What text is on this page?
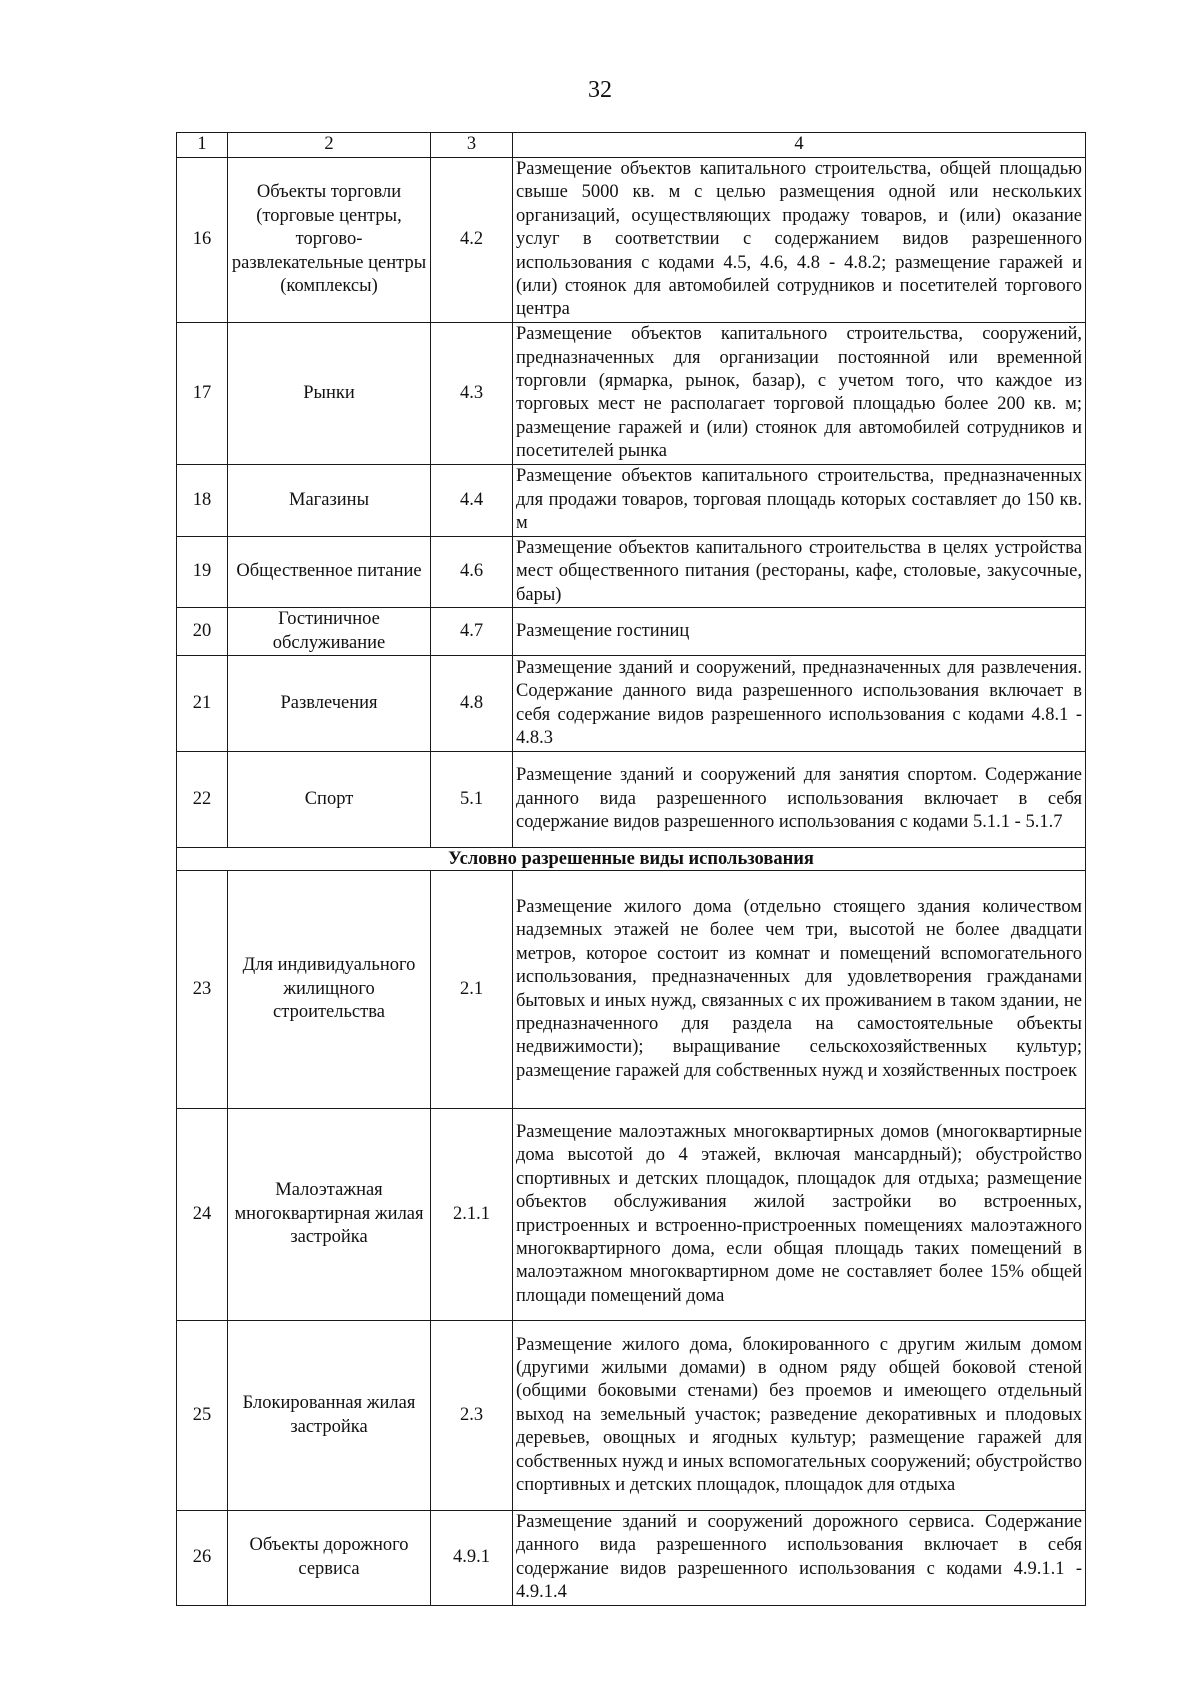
32
1	2	3	4
16	Объекты торговли (торговые центры, торгово-развлекательные центры (комплексы)	4.2	Размещение объектов капитального строительства, общей площадью свыше 5000 кв. м с целью размещения одной или нескольких организаций, осуществляющих продажу товаров, и (или) оказание услуг в соответствии с содержанием видов разрешенного использования с кодами 4.5, 4.6, 4.8 - 4.8.2; размещение гаражей и (или) стоянок для автомобилей сотрудников и посетителей торгового центра
17	Рынки	4.3	Размещение объектов капитального строительства, сооружений, предназначенных для организации постоянной или временной торговли (ярмарка, рынок, базар), с учетом того, что каждое из торговых мест не располагает торговой площадью более 200 кв. м; размещение гаражей и (или) стоянок для автомобилей сотрудников и посетителей рынка
18	Магазины	4.4	Размещение объектов капитального строительства, предназначенных для продажи товаров, торговая площадь которых составляет до 150 кв. м
19	Общественное питание	4.6	Размещение объектов капитального строительства в целях устройства мест общественного питания (рестораны, кафе, столовые, закусочные, бары)
20	Гостиничное обслуживание	4.7	Размещение гостиниц
21	Развлечения	4.8	Размещение зданий и сооружений, предназначенных для развлечения. Содержание данного вида разрешенного использования включает в себя содержание видов разрешенного использования с кодами 4.8.1 - 4.8.3
22	Спорт	5.1	Размещение зданий и сооружений для занятия спортом. Содержание данного вида разрешенного использования включает в себя содержание видов разрешенного использования с кодами 5.1.1 - 5.1.7
Условно разрешенные виды использования			
23	Для индивидуального жилищного строительства	2.1	Размещение жилого дома (отдельно стоящего здания количеством надземных этажей не более чем три, высотой не более двадцати метров, которое состоит из комнат и помещений вспомогательного использования, предназначенных для удовлетворения гражданами бытовых и иных нужд, связанных с их проживанием в таком здании, не предназначенного для раздела на самостоятельные объекты недвижимости); выращивание сельскохозяйственных культур; размещение гаражей для собственных нужд и хозяйственных построек
24	Малоэтажная многоквартирная жилая застройка	2.1.1	Размещение малоэтажных многоквартирных домов (многоквартирные дома высотой до 4 этажей, включая мансардный); обустройство спортивных и детских площадок, площадок для отдыха; размещение объектов обслуживания жилой застройки во встроенных, пристроенных и встроенно-пристроенных помещениях малоэтажного многоквартирного дома, если общая площадь таких помещений в малоэтажном многоквартирном доме не составляет более 15% общей площади помещений дома
25	Блокированная жилая застройка	2.3	Размещение жилого дома, блокированного с другим жилым домом (другими жилыми домами) в одном ряду общей боковой стеной (общими боковыми стенами) без проемов и имеющего отдельный выход на земельный участок; разведение декоративных и плодовых деревьев, овощных и ягодных культур; размещение гаражей для собственных нужд и иных вспомогательных сооружений; обустройство спортивных и детских площадок, площадок для отдыха
26	Объекты дорожного сервиса	4.9.1	Размещение зданий и сооружений дорожного сервиса. Содержание данного вида разрешенного использования включает в себя содержание видов разрешенного использования с кодами 4.9.1.1 - 4.9.1.4
